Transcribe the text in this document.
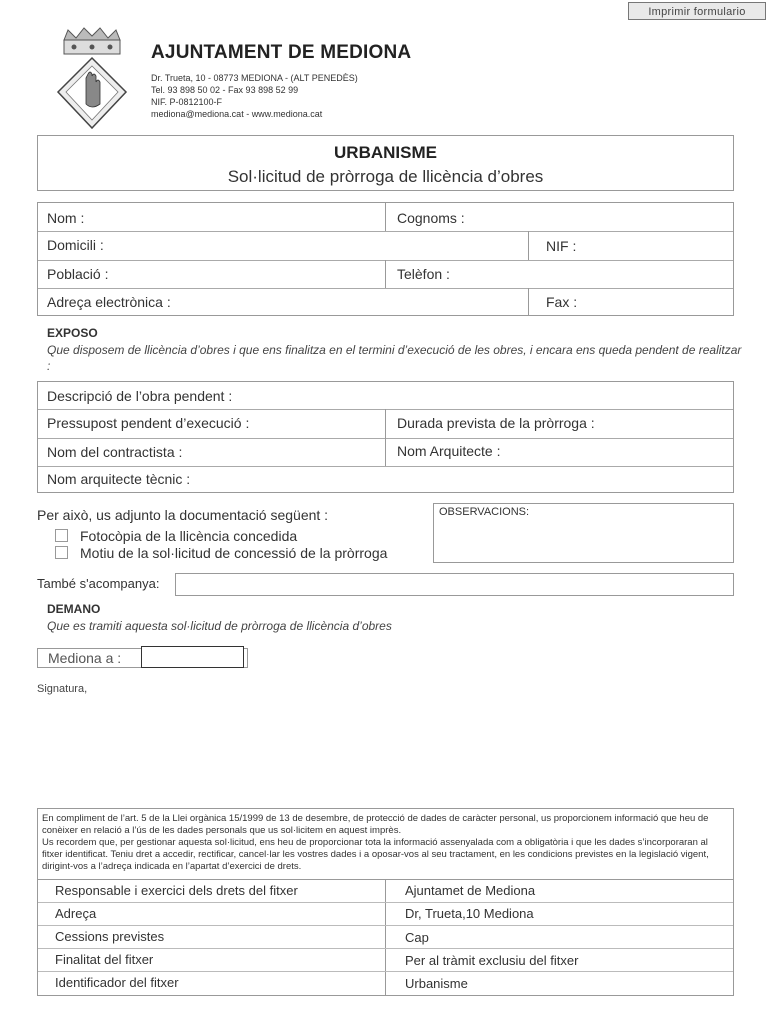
Imprimir formulario
AJUNTAMENT DE MEDIONA
Dr. Trueta, 10 - 08773 MEDIONA - (ALT PENEDÈS)
Tel. 93 898 50 02 - Fax 93 898 52 99
NIF. P-0812100-F
mediona@mediona.cat - www.mediona.cat
URBANISME
Sol·licitud de pròrroga de llicència d’obres
Nom :	Cognoms :
Domicili :	NIF :
Població :	Telèfon :
Adreça electrònica :	Fax :
EXPOSO
Que disposem de llicència d’obres i que ens finalitza en el termini d’execució de les obres, i encara ens queda pendent de realitzar :
Descripció de l’obra pendent :
Pressupost pendent d’execució :	Durada prevista de la pròrroga :
Nom del contractista :	Nom Arquitecte :
Nom arquitecte tècnic :
Per això, us adjunto la documentació següent :
Fotocòpia de la llicència concedida
Motiu de la sol·licitud de concessió de la pròrroga
OBSERVACIONS:
També s'acompanya:
DEMANO
Que es tramiti aquesta sol·licitud de pròrroga de llicència d’obres
Mediona a :
Signatura,
En compliment de l’art. 5 de la Llei orgànica 15/1999 de 13 de desembre, de protecció de dades de caràcter personal, us proporcionem informació que heu de conèixer en relació a l’ús de les dades personals que us sol·licitem en aquest imprès.
Us recordem que, per gestionar aquesta sol·licitud, ens heu de proporcionar tota la informació assenyalada com a obligatòria i que les dades s’incorporaran al fitxer identificat. Teniu dret a accedir, rectificar, cancel·lar les vostres dades i a oposar-vos al seu tractament, en les condicions previstes en la legislació vigent, dirigint-vos a l’adreça indicada en l’apartat d’exercici de drets.
Responsable i exercici dels drets del fitxer	Ajuntamet de Mediona
Adreça	Dr, Trueta,10 Mediona
Cessions previstes	Cap
Finalitat del fitxer	Per al tràmit exclusiu del fitxer
Identificador del fitxer	Urbanisme
